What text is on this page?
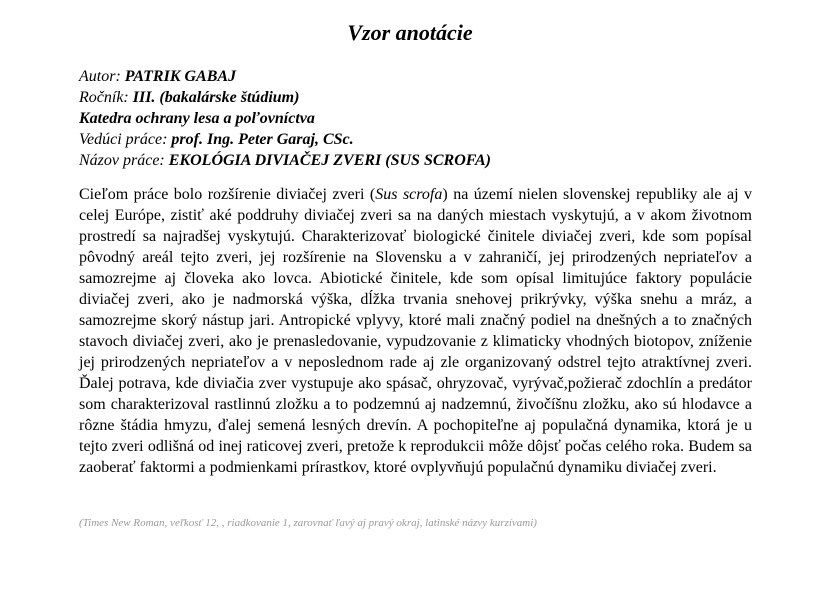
Vzor anotácie
Autor: PATRIK GABAJ
Ročník: III. (bakalárske štúdium)
Katedra ochrany lesa a poľovníctva
Vedúci práce: prof. Ing. Peter Garaj, CSc.
Názov práce: EKOLÓGIA DIVIAČEJ ZVERI (SUS SCROFA)
Cieľom práce bolo rozšírenie diviačej zveri (Sus scrofa) na území nielen slovenskej republiky ale aj v celej Európe, zistiť aké poddruhy diviačej zveri sa na daných miestach vyskytujú, a v akom životnom prostredí sa najradšej vyskytujú. Charakterizovať biologické činitele diviačej zveri, kde som popísal pôvodný areál tejto zveri, jej rozšírenie na Slovensku a v zahraničí, jej prirodzených nepriateľov a samozrejme aj človeka ako lovca. Abiotické činitele, kde som opísal limitujúce faktory populácie diviačej zveri, ako je nadmorská výška, dĺžka trvania snehovej prikrývky, výška snehu a mráz, a samozrejme skorý nástup jari. Antropické vplyvy, ktoré mali značný podiel na dnešných a to značných stavoch diviačej zveri, ako je prenasledovanie, vypudzovanie z klimaticky vhodných biotopov, zníženie jej prirodzených nepriateľov a v neposlednom rade aj zle organizovaný odstrel tejto atraktívnej zveri. Ďalej potrava, kde diviačia zver vystupuje ako spásač, ohryzovač, vyrývač,požierač zdochlín a predátor som charakterizoval rastlinnú zložku a to podzemnú aj nadzemnú, živočíšnu zložku, ako sú hlodavce a rôzne štádia hmyzu, ďalej semená lesných drevín. A pochopiteľne aj populačná dynamika, ktorá je u tejto zveri odlišná od inej raticovej zveri, pretože k reprodukcii môže dôjsť počas celého roka. Budem sa zaoberať faktormi a podmienkami prírastkov, ktoré ovplyvňujú populačnú dynamiku diviačej zveri.
(Times New Roman, veľkosť 12, , riadkovanie 1, zarovnať ľavý aj pravý okraj, latinské názvy kurzívami)
